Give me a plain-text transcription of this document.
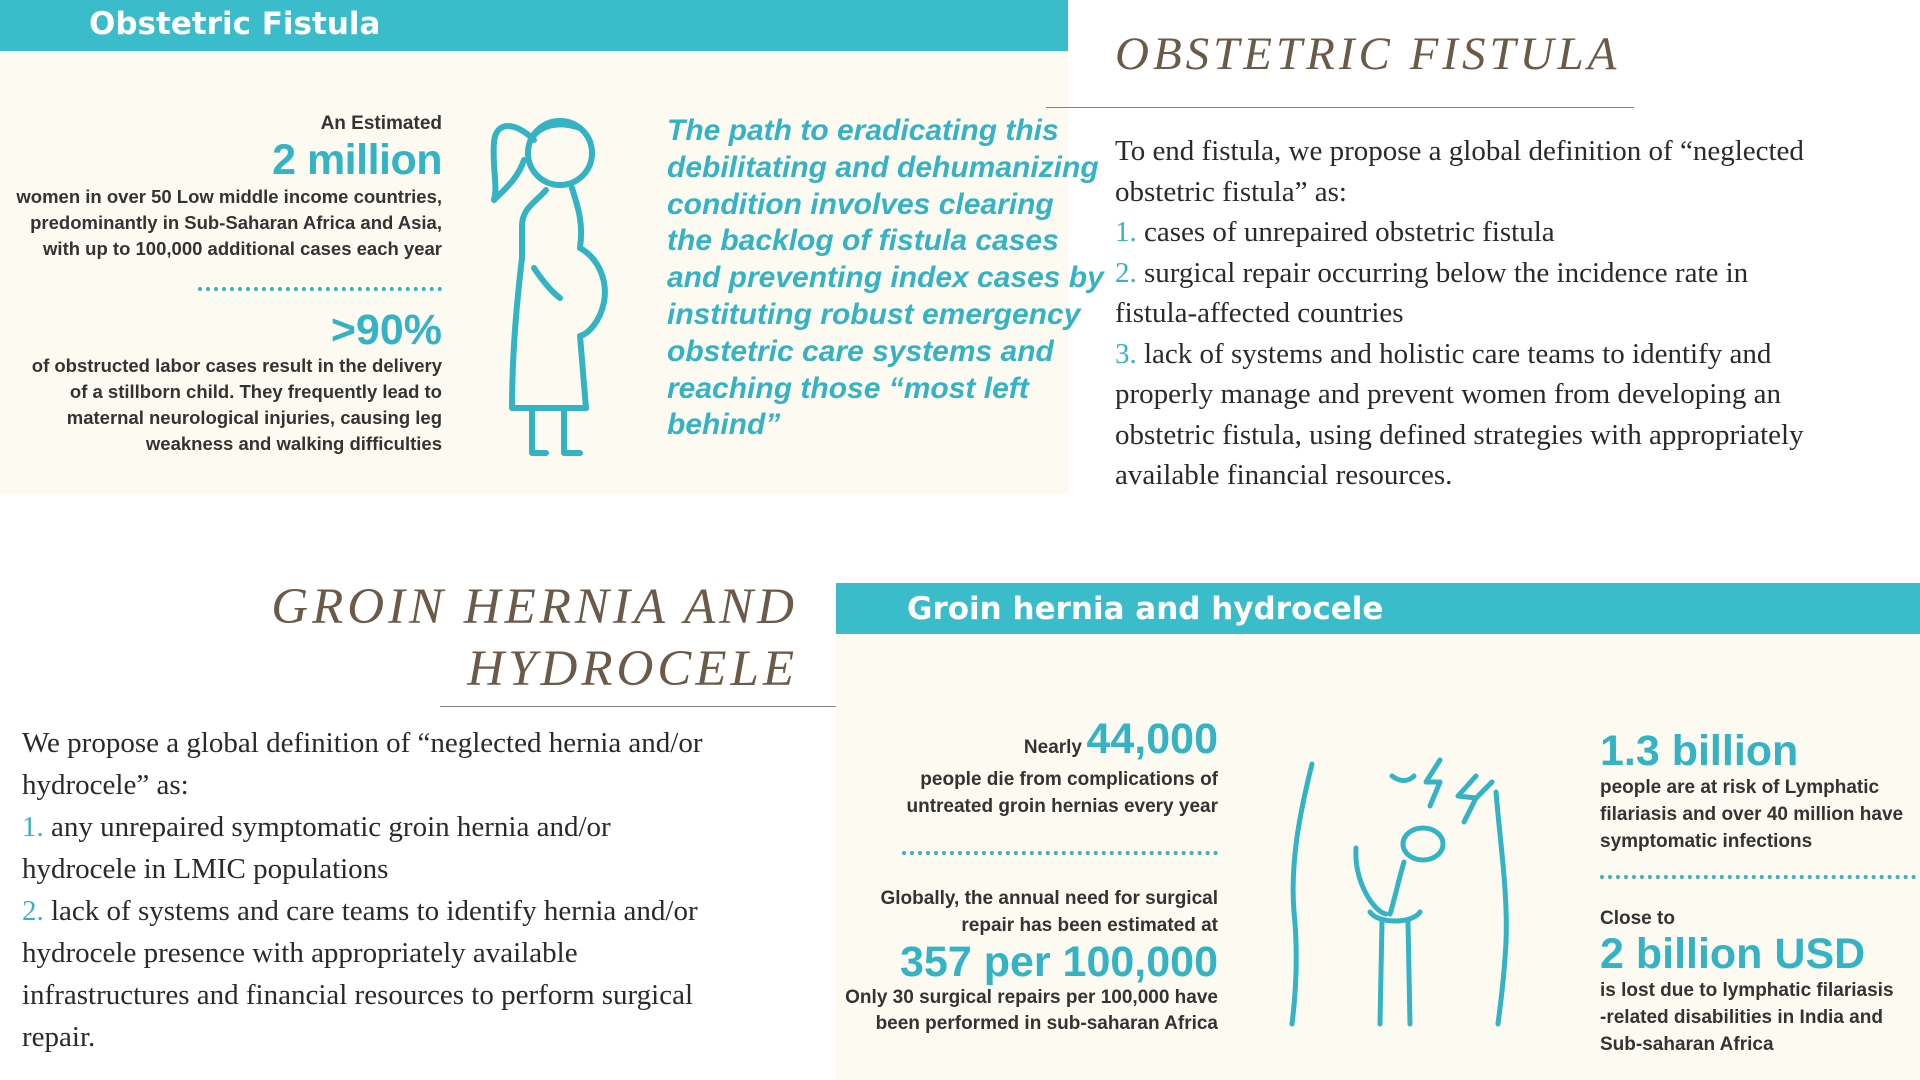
Obstetric Fistula
An Estimated
2 million
women in over 50 Low middle income countries,
predominantly in Sub-Saharan Africa and Asia,
with up to 100,000 additional cases each year
>90%
of obstructed labor cases result in the delivery
of a stillborn child. They frequently lead to
maternal neurological injuries, causing leg
weakness and walking difficulties
The path to eradicating this
debilitating and dehumanizing
condition involves clearing
the backlog of fistula cases
and preventing index cases by
instituting robust emergency
obstetric care systems and
reaching those “most left
behind”
OBSTETRIC FISTULA
To end fistula, we propose a global definition of “neglected
obstetric fistula” as:
1. cases of unrepaired obstetric fistula
2. surgical repair occurring below the incidence rate in
fistula-affected countries
3. lack of systems and holistic care teams to identify and
properly manage and prevent women from developing an
obstetric fistula, using defined strategies with appropriately
available financial resources.
GROIN HERNIA AND
HYDROCELE
We propose a global definition of “neglected hernia and/or
hydrocele” as:
1. any unrepaired symptomatic groin hernia and/or
hydrocele in LMIC populations
2. lack of systems and care teams to identify hernia and/or
hydrocele presence with appropriately available
infrastructures and financial resources to perform surgical
repair.
Groin hernia and hydrocele
Nearly 44,000
people die from complications of
untreated groin hernias every year
Globally, the annual need for surgical
repair has been estimated at
357 per 100,000
Only 30 surgical repairs per 100,000 have
been performed in sub-saharan Africa
1.3 billion
people are at risk of Lymphatic
filariasis and over 40 million have
symptomatic infections
Close to
2 billion USD
is lost due to lymphatic filariasis
-related disabilities in India and
Sub-saharan Africa
